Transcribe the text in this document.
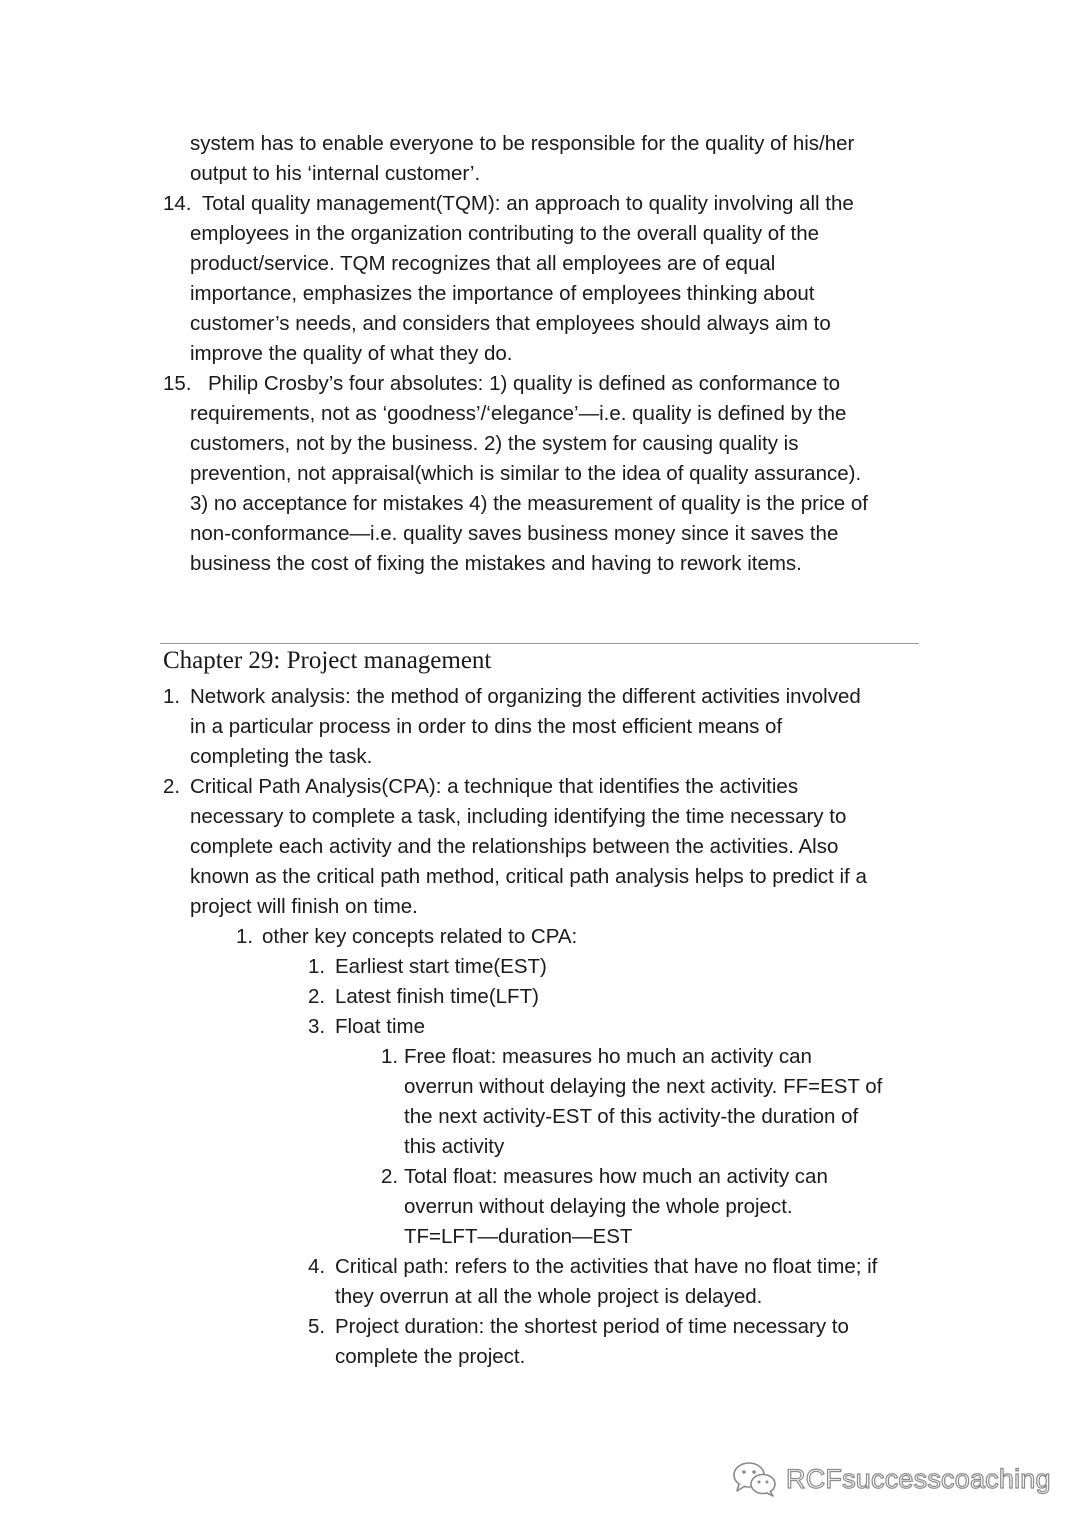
system has to enable everyone to be responsible for the quality of his/her
output to his ‘internal customer’.
14. Total quality management(TQM): an approach to quality involving all the
employees in the organization contributing to the overall quality of the
product/service. TQM recognizes that all employees are of equal
importance, emphasizes the importance of employees thinking about
customer’s needs, and considers that employees should always aim to
improve the quality of what they do.
15. Philip Crosby’s four absolutes: 1) quality is defined as conformance to
requirements, not as ‘goodness’/‘elegance’—i.e. quality is defined by the
customers, not by the business. 2) the system for causing quality is
prevention, not appraisal(which is similar to the idea of quality assurance).
3) no acceptance for mistakes 4) the measurement of quality is the price of
non-conformance—i.e. quality saves business money since it saves the
business the cost of fixing the mistakes and having to rework items.
Chapter 29: Project management
1. Network analysis: the method of organizing the different activities involved
in a particular process in order to dins the most efficient means of
completing the task.
2. Critical Path Analysis(CPA): a technique that identifies the activities
necessary to complete a task, including identifying the time necessary to
complete each activity and the relationships between the activities. Also
known as the critical path method, critical path analysis helps to predict if a
project will finish on time.
1. other key concepts related to CPA:
1. Earliest start time(EST)
2. Latest finish time(LFT)
3. Float time
1. Free float: measures ho much an activity can
overrun without delaying the next activity. FF=EST of
the next activity-EST of this activity-the duration of
this activity
2. Total float: measures how much an activity can
overrun without delaying the whole project.
TF=LFT—duration—EST
4. Critical path: refers to the activities that have no float time; if
they overrun at all the whole project is delayed.
5. Project duration: the shortest period of time necessary to
complete the project.
RCFsuccesscoaching
